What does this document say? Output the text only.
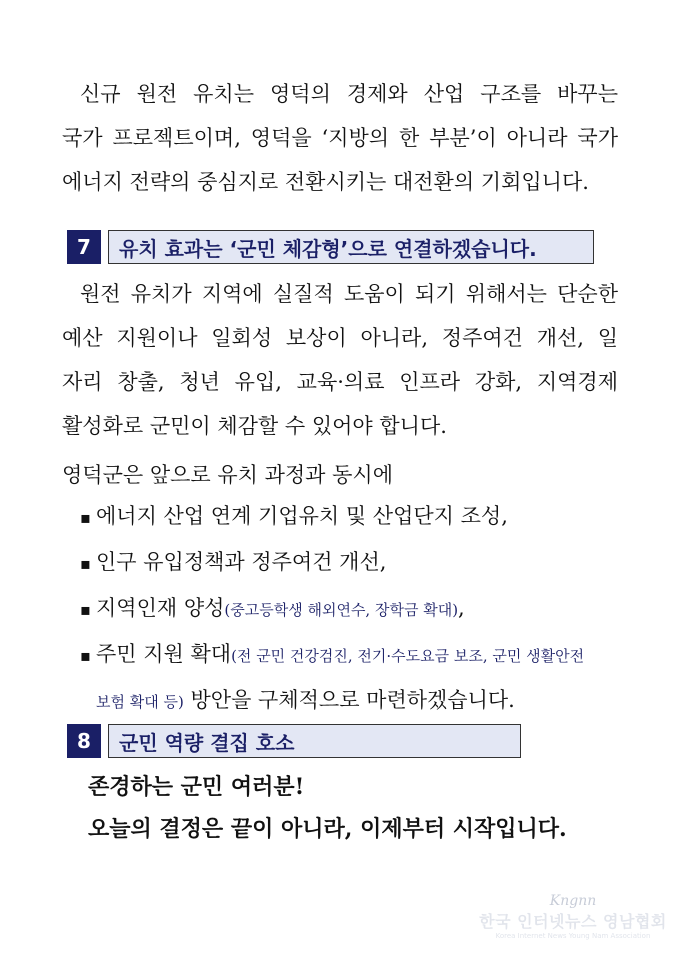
신규 원전 유치는 영덕의 경제와 산업 구조를 바꾸는
국가 프로젝트이며, 영덕을 ‘지방의 한 부분’이 아니라 국가
에너지 전략의 중심지로 전환시키는 대전환의 기회입니다.
7	유치 효과는 ‘군민 체감형’으로 연결하겠습니다.
원전 유치가 지역에 실질적 도움이 되기 위해서는 단순한
예산 지원이나 일회성 보상이 아니라, 정주여건 개선, 일
자리 창출, 청년 유입, 교육·의료 인프라 강화, 지역경제
활성화로 군민이 체감할 수 있어야 합니다.
영덕군은 앞으로 유치 과정과 동시에
▪ 에너지 산업 연계 기업유치 및 산업단지 조성,
▪ 인구 유입정책과 정주여건 개선,
▪ 지역인재 양성(중고등학생 해외연수, 장학금 확대),
▪ 주민 지원 확대(전 군민 건강검진, 전기·수도요금 보조, 군민 생활안전
보험 확대 등) 방안을 구체적으로 마련하겠습니다.
8	군민 역량 결집 호소
존경하는 군민 여러분!
오늘의 결정은 끝이 아니라, 이제부터 시작입니다.
Kngnn
한국 인터넷뉴스 영남협회
Korea Internet News Young Nam Association
